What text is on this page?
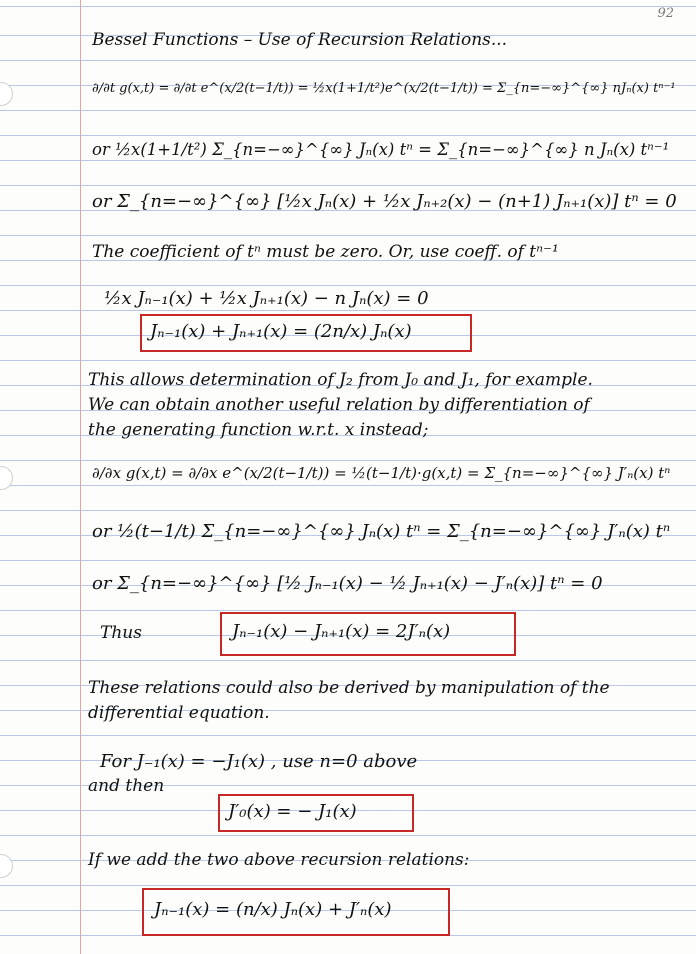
92
Bessel Functions – Use of Recursion Relations...
∂/∂t g(x,t) = ∂/∂t e^(x/2(t−1/t)) = ½x(1+1/t²)e^(x/2(t−1/t)) = Σ_{n=−∞}^{∞} nJₙ(x) tⁿ⁻¹
or ½x(1+1/t²) Σ_{n=−∞}^{∞} Jₙ(x) tⁿ = Σ_{n=−∞}^{∞} n Jₙ(x) tⁿ⁻¹
or Σ_{n=−∞}^{∞} [½x Jₙ(x) + ½x Jₙ₊₂(x) − (n+1) Jₙ₊₁(x)] tⁿ = 0
The coefficient of tⁿ must be zero. Or, use coeff. of tⁿ⁻¹
½x Jₙ₋₁(x) + ½x Jₙ₊₁(x) − n Jₙ(x) = 0
Jₙ₋₁(x) + Jₙ₊₁(x) = (2n/x) Jₙ(x)
This allows determination of J₂ from J₀ and J₁, for example.
We can obtain another useful relation by differentiation of
the generating function w.r.t. x instead;
∂/∂x g(x,t) = ∂/∂x e^(x/2(t−1/t)) = ½(t−1/t)·g(x,t) = Σ_{n=−∞}^{∞} J′ₙ(x) tⁿ
or ½(t−1/t) Σ_{n=−∞}^{∞} Jₙ(x) tⁿ = Σ_{n=−∞}^{∞} J′ₙ(x) tⁿ
or Σ_{n=−∞}^{∞} [½ Jₙ₋₁(x) − ½ Jₙ₊₁(x) − J′ₙ(x)] tⁿ = 0
Thus	Jₙ₋₁(x) − Jₙ₊₁(x) = 2J′ₙ(x)
These relations could also be derived by manipulation of the
differential equation.
For J₋₁(x) = −J₁(x) , use n=0 above
and then
J′₀(x) = − J₁(x)
If we add the two above recursion relations:
Jₙ₋₁(x) = (n/x) Jₙ(x) + J′ₙ(x)
